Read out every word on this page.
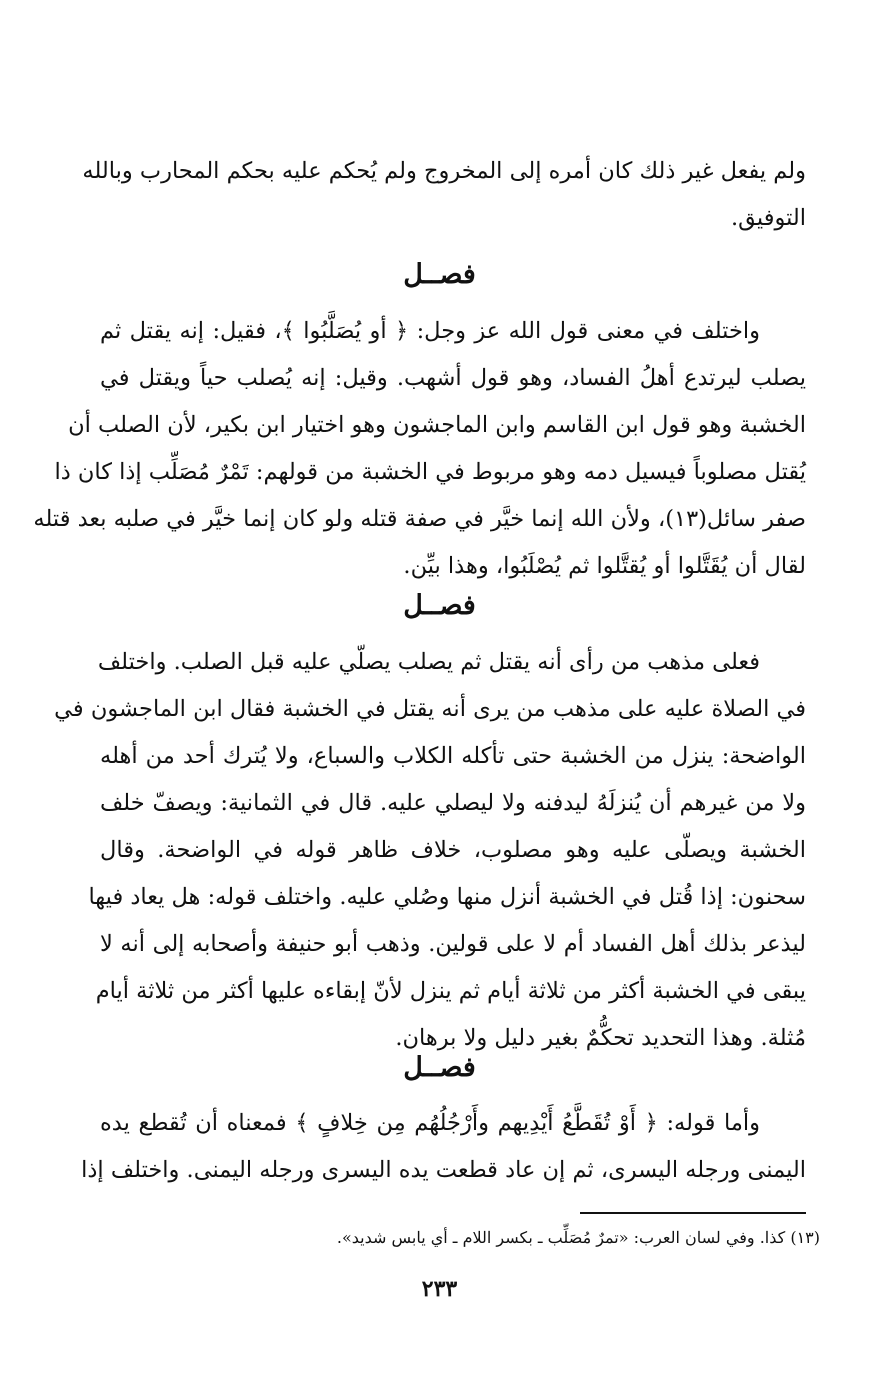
ولم يفعل غير ذلك كان أمره إلى المخروج ولم يُحكم عليه بحكم المحارب وبالله
التوفيق.
فصــل
واختلف في معنى قول الله عز وجل: ﴿ أو يُصَلَّبُوا ﴾، فقيل: إنه يقتل ثم
يصلب ليرتدع أهلُ الفساد، وهو قول أشهب. وقيل: إنه يُصلب حياً ويقتل في
الخشبة وهو قول ابن القاسم وابن الماجشون وهو اختيار ابن بكير، لأن الصلب أن
يُقتل مصلوباً فيسيل دمه وهو مربوط في الخشبة من قولهم: تَمْرٌ مُصَلِّب إذا كان ذا
صفر سائل(١٣)، ولأن الله إنما خيَّر في صفة قتله ولو كان إنما خيَّر في صلبه بعد قتله
لقال أن يُقَتَّلوا أو يُقتَّلوا ثم يُصْلَبُوا، وهذا بيِّن.
فصــل
فعلى مذهب من رأى أنه يقتل ثم يصلب يصلّي عليه قبل الصلب. واختلف
في الصلاة عليه على مذهب من يرى أنه يقتل في الخشبة فقال ابن الماجشون في
الواضحة: ينزل من الخشبة حتى تأكله الكلاب والسباع، ولا يُترك أحد من أهله
ولا من غيرهم أن يُنزلَهُ ليدفنه ولا ليصلي عليه. قال في الثمانية: ويصفّ خلف
الخشبة ويصلّى عليه وهو مصلوب، خلاف ظاهر قوله في الواضحة. وقال
سحنون: إذا قُتل في الخشبة أنزل منها وصُلي عليه. واختلف قوله: هل يعاد فيها
ليذعر بذلك أهل الفساد أم لا على قولين. وذهب أبو حنيفة وأصحابه إلى أنه لا
يبقى في الخشبة أكثر من ثلاثة أيام ثم ينزل لأنّ إبقاءه عليها أكثر من ثلاثة أيام
مُثلة. وهذا التحديد تحكُّمٌ بغير دليل ولا برهان.
فصــل
وأما قوله: ﴿ أَوْ تُقَطَّعُ أَيْدِيهم وأَرْجُلُهُم مِن خِلافٍ ﴾ فمعناه أن تُقطع يده
اليمنى ورجله اليسرى، ثم إن عاد قطعت يده اليسرى ورجله اليمنى. واختلف إذا
(١٣) كذا. وفي لسان العرب: «تمرٌ مُصَلِّب ـ بكسر اللام ـ أي يابس شديد».
٢٣٣
